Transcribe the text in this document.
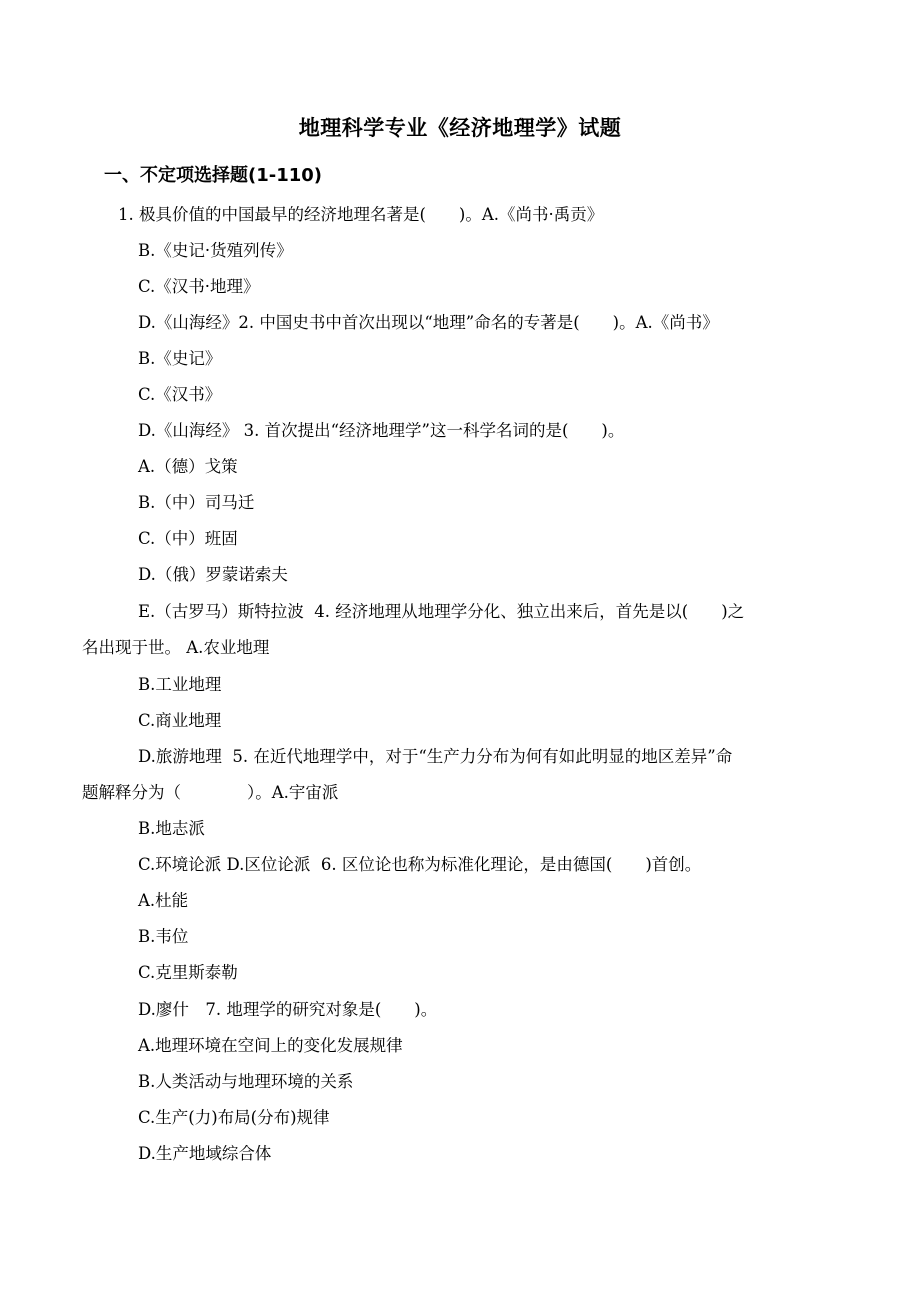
地理科学专业《经济地理学》试题
一、不定项选择题(1-110)
1. 极具价值的中国最早的经济地理名著是(　　)。A.《尚书·禹贡》
B.《史记·货殖列传》
C.《汉书·地理》
D.《山海经》2. 中国史书中首次出现以“地理”命名的专著是(　　)。A.《尚书》
B.《史记》
C.《汉书》
D.《山海经》 3. 首次提出“经济地理学”这一科学名词的是(　　)。
A.（德）戈策
B.（中）司马迁
C.（中）班固
D.（俄）罗蒙诺索夫
E.（古罗马）斯特拉波  4. 经济地理从地理学分化、独立出来后，首先是以(　　)之
名出现于世。 A.农业地理
B.工业地理
C.商业地理
D.旅游地理  5. 在近代地理学中，对于“生产力分布为何有如此明显的地区差异”命
题解释分为（　　　　）。A.宇宙派
B.地志派
C.环境论派 D.区位论派  6. 区位论也称为标准化理论，是由德国(　　)首创。
A.杜能
B.韦位
C.克里斯泰勒
D.廖什　7. 地理学的研究对象是(　　)。
A.地理环境在空间上的变化发展规律
B.人类活动与地理环境的关系
C.生产(力)布局(分布)规律
D.生产地域综合体
